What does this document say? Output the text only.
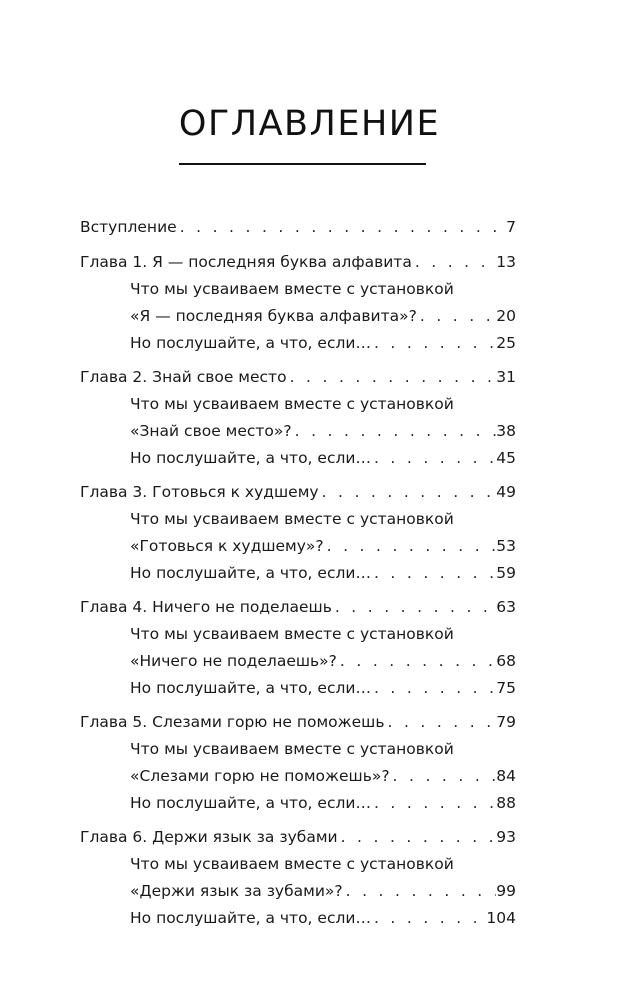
ОГЛАВЛЕНИЕ
Вступление . . .	7
Глава 1. Я — последняя буква алфавита . . .	13
Что мы усваиваем вместе с установкой
«Я — последняя буква алфавита»? . . .	20
Но послушайте, а что, если… . . .	25
Глава 2. Знай свое место . . .	31
Что мы усваиваем вместе с установкой
«Знай свое место»? . . .	38
Но послушайте, а что, если… . . .	45
Глава 3. Готовься к худшему . . .	49
Что мы усваиваем вместе с установкой
«Готовься к худшему»? . . .	53
Но послушайте, а что, если… . . .	59
Глава 4. Ничего не поделаешь . . .	63
Что мы усваиваем вместе с установкой
«Ничего не поделаешь»? . . .	68
Но послушайте, а что, если… . . .	75
Глава 5. Слезами горю не поможешь . . .	79
Что мы усваиваем вместе с установкой
«Слезами горю не поможешь»? . . .	84
Но послушайте, а что, если… . . .	88
Глава 6. Держи язык за зубами . . .	93
Что мы усваиваем вместе с установкой
«Держи язык за зубами»? . . .	99
Но послушайте, а что, если… . . .	104
